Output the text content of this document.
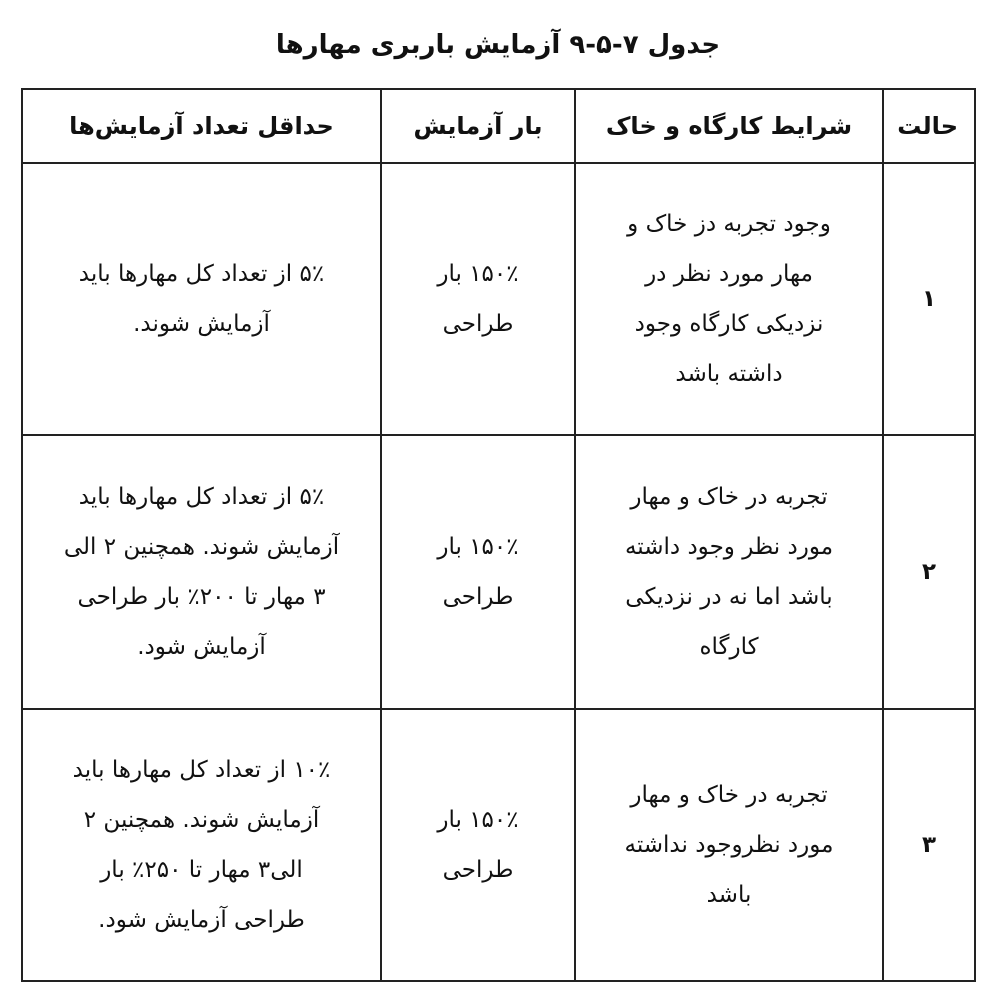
جدول ۷-۵-۹ آزمایش باربری مهارها
حالت	شرایط کارگاه و خاک	بار آزمایش	حداقل تعداد آزمایش‌ها
۱	وجود تجربه دز خاک و
مهار مورد نظر در
نزدیکی کارگاه وجود
داشته باشد	۱۵۰٪ بار
طراحی	۵٪ از تعداد کل مهارها باید
آزمایش شوند.

۲	تجربه در خاک و مهار
مورد نظر وجود داشته
باشد اما نه در نزدیکی
کارگاه	۱۵۰٪ بار
طراحی	۵٪ از تعداد کل مهارها باید
آزمایش شوند. همچنین ۲ الی
۳ مهار تا ۲۰۰٪ بار طراحی
آزمایش شود.

۳	تجربه در خاک و مهار
مورد نظروجود نداشته
باشد	۱۵۰٪ بار
طراحی	۱۰٪ از تعداد کل مهارها باید
آزمایش شوند. همچنین ۲
الی۳ مهار تا ۲۵۰٪ بار
طراحی آزمایش شود.
